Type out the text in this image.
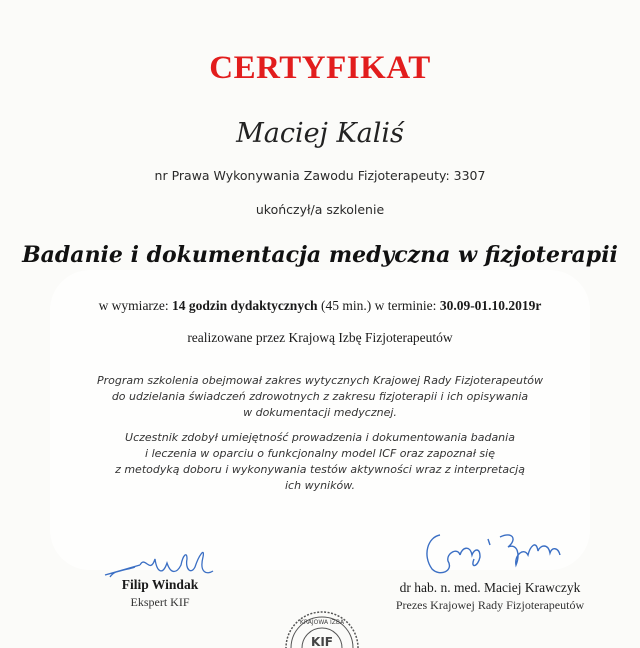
CERTYFIKAT
Maciej Kaliś
nr Prawa Wykonywania Zawodu Fizjoterapeuty: 3307
ukończył/a szkolenie
Badanie i dokumentacja medyczna w fizjoterapii
w wymiarze: 14 godzin dydaktycznych (45 min.) w terminie: 30.09-01.10.2019r
realizowane przez Krajową Izbę Fizjoterapeutów
Program szkolenia obejmował zakres wytycznych Krajowej Rady Fizjoterapeutów
do udzielania świadczeń zdrowotnych z zakresu fizjoterapii i ich opisywania
w dokumentacji medycznej.
Uczestnik zdobył umiejętność prowadzenia i dokumentowania badania
i leczenia w oparciu o funkcjonalny model ICF oraz zapoznał się
z metodyką doboru i wykonywania testów aktywności wraz z interpretacją
ich wyników.
Filip Windak
Ekspert KIF
dr hab. n. med. Maciej Krawczyk
Prezes Krajowej Rady Fizjoterapeutów
KRAJOWA IZBA
KIF
